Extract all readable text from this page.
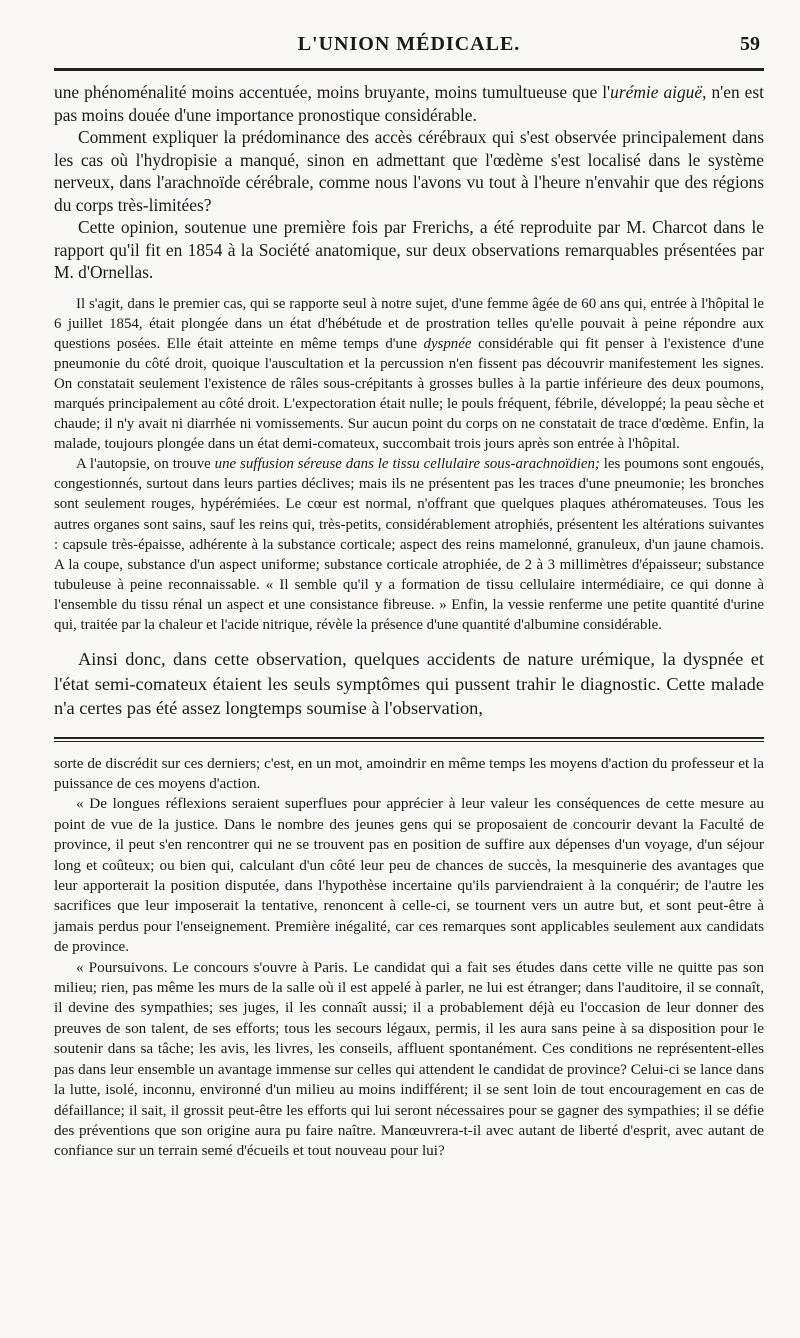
L'UNION MÉDICALE.	59

une phénoménalité moins accentuée, moins bruyante, moins tumultueuse que l'urémie aiguë, n'en est pas moins douée d'une importance pronostique considérable.

Comment expliquer la prédominance des accès cérébraux qui s'est observée principalement dans les cas où l'hydropisie a manqué, sinon en admettant que l'œdème s'est localisé dans le système nerveux, dans l'arachnoïde cérébrale, comme nous l'avons vu tout à l'heure n'envahir que des régions du corps très-limitées?

Cette opinion, soutenue une première fois par Frerichs, a été reproduite par M. Charcot dans le rapport qu'il fit en 1854 à la Société anatomique, sur deux observations remarquables présentées par M. d'Ornellas.

Il s'agit, dans le premier cas, qui se rapporte seul à notre sujet, d'une femme âgée de 60 ans qui, entrée à l'hôpital le 6 juillet 1854, était plongée dans un état d'hébétude et de prostration telles qu'elle pouvait à peine répondre aux questions posées. Elle était atteinte en même temps d'une dyspnée considérable qui fit penser à l'existence d'une pneumonie du côté droit, quoique l'auscultation et la percussion n'en fissent pas découvrir manifestement les signes. On constatait seulement l'existence de râles sous-crépitants à grosses bulles à la partie inférieure des deux poumons, marqués principalement au côté droit. L'expectoration était nulle; le pouls fréquent, fébrile, développé; la peau sèche et chaude; il n'y avait ni diarrhée ni vomissements. Sur aucun point du corps on ne constatait de trace d'œdème. Enfin, la malade, toujours plongée dans un état demi-comateux, succombait trois jours après son entrée à l'hôpital.

A l'autopsie, on trouve une suffusion séreuse dans le tissu cellulaire sous-arachnoïdien; les poumons sont engoués, congestionnés, surtout dans leurs parties déclives; mais ils ne présentent pas les traces d'une pneumonie; les bronches sont seulement rouges, hypérémiées. Le cœur est normal, n'offrant que quelques plaques athéromateuses. Tous les autres organes sont sains, sauf les reins qui, très-petits, considérablement atrophiés, présentent les altérations suivantes : capsule très-épaisse, adhérente à la substance corticale; aspect des reins mamelonné, granuleux, d'un jaune chamois. A la coupe, substance d'un aspect uniforme; substance corticale atrophiée, de 2 à 3 millimètres d'épaisseur; substance tubuleuse à peine reconnaissable. « Il semble qu'il y a formation de tissu cellulaire intermédiaire, ce qui donne à l'ensemble du tissu rénal un aspect et une consistance fibreuse. » Enfin, la vessie renferme une petite quantité d'urine qui, traitée par la chaleur et l'acide nitrique, révèle la présence d'une quantité d'albumine considérable.

Ainsi donc, dans cette observation, quelques accidents de nature urémique, la dyspnée et l'état semi-comateux étaient les seuls symptômes qui pussent trahir le diagnostic. Cette malade n'a certes pas été assez longtemps soumise à l'observation,

sorte de discrédit sur ces derniers; c'est, en un mot, amoindrir en même temps les moyens d'action du professeur et la puissance de ces moyens d'action.

« De longues réflexions seraient superflues pour apprécier à leur valeur les conséquences de cette mesure au point de vue de la justice. Dans le nombre des jeunes gens qui se proposaient de concourir devant la Faculté de province, il peut s'en rencontrer qui ne se trouvent pas en position de suffire aux dépenses d'un voyage, d'un séjour long et coûteux; ou bien qui, calculant d'un côté leur peu de chances de succès, la mesquinerie des avantages que leur apporterait la position disputée, dans l'hypothèse incertaine qu'ils parviendraient à la conquérir; de l'autre les sacrifices que leur imposerait la tentative, renoncent à celle-ci, se tournent vers un autre but, et sont peut-être à jamais perdus pour l'enseignement. Première inégalité, car ces remarques sont applicables seulement aux candidats de province.

« Poursuivons. Le concours s'ouvre à Paris. Le candidat qui a fait ses études dans cette ville ne quitte pas son milieu; rien, pas même les murs de la salle où il est appelé à parler, ne lui est étranger; dans l'auditoire, il se connaît, il devine des sympathies; ses juges, il les connaît aussi; il a probablement déjà eu l'occasion de leur donner des preuves de son talent, de ses efforts; tous les secours légaux, permis, il les aura sans peine à sa disposition pour le soutenir dans sa tâche; les avis, les livres, les conseils, affluent spontanément. Ces conditions ne représentent-elles pas dans leur ensemble un avantage immense sur celles qui attendent le candidat de province? Celui-ci se lance dans la lutte, isolé, inconnu, environné d'un milieu au moins indifférent; il se sent loin de tout encouragement en cas de défaillance; il sait, il grossit peut-être les efforts qui lui seront nécessaires pour se gagner des sympathies; il se défie des préventions que son origine aura pu faire naître. Manœuvrera-t-il avec autant de liberté d'esprit, avec autant de confiance sur un terrain semé d'écueils et tout nouveau pour lui?
